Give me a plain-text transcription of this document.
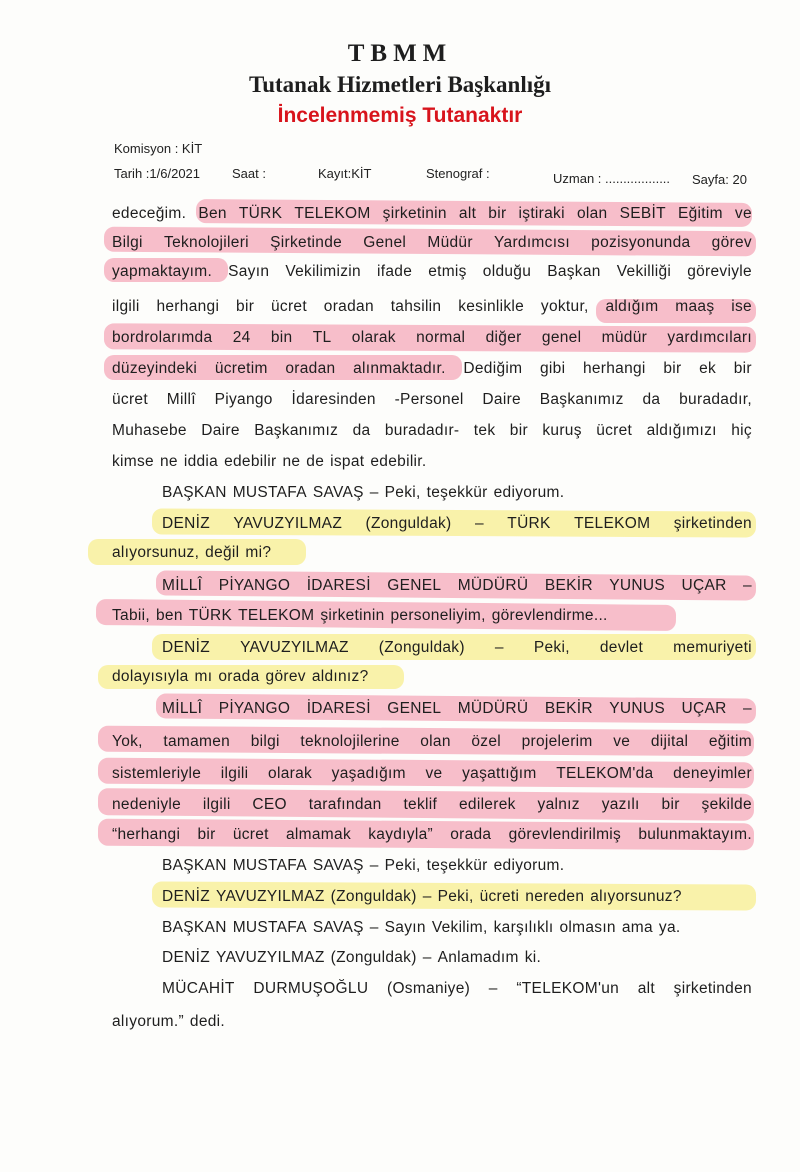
TBMM
Tutanak Hizmetleri Başkanlığı
İncelenmemiş Tutanaktır
Komisyon : KİT
Tarih :1/6/2021 Saat :	Kayıt:KİT	Stenograf :	Uzman : .................. Sayfa: 20
edeceğim. Ben TÜRK TELEKOM şirketinin alt bir iştiraki olan SEBİT Eğitim ve
Bilgi Teknolojileri Şirketinde Genel Müdür Yardımcısı pozisyonunda görev
yapmaktayım. Sayın Vekilimizin ifade etmiş olduğu Başkan Vekilliği göreviyle
ilgili herhangi bir ücret oradan tahsilin kesinlikle yoktur, aldığım maaş ise
bordrolarımda 24 bin TL olarak normal diğer genel müdür yardımcıları
düzeyindeki ücretim oradan alınmaktadır. Dediğim gibi herhangi bir ek bir
ücret Millî Piyango İdaresinden -Personel Daire Başkanımız da buradadır,
Muhasebe Daire Başkanımız da buradadır- tek bir kuruş ücret aldığımızı hiç
kimse ne iddia edebilir ne de ispat edebilir.
BAŞKAN MUSTAFA SAVAŞ – Peki, teşekkür ediyorum.
DENİZ YAVUZYILMAZ (Zonguldak) – TÜRK TELEKOM şirketinden
alıyorsunuz, değil mi?
MİLLÎ PİYANGO İDARESİ GENEL MÜDÜRÜ BEKİR YUNUS UÇAR –
Tabii, ben TÜRK TELEKOM şirketinin personeliyim, görevlendirme...
DENİZ YAVUZYILMAZ (Zonguldak) – Peki, devlet memuriyeti
dolayısıyla mı orada görev aldınız?
MİLLÎ PİYANGO İDARESİ GENEL MÜDÜRÜ BEKİR YUNUS UÇAR –
Yok, tamamen bilgi teknolojilerine olan özel projelerim ve dijital eğitim
sistemleriyle ilgili olarak yaşadığım ve yaşattığım TELEKOM'da deneyimler
nedeniyle ilgili CEO tarafından teklif edilerek yalnız yazılı bir şekilde
“herhangi bir ücret almamak kaydıyla” orada görevlendirilmiş bulunmaktayım.
BAŞKAN MUSTAFA SAVAŞ – Peki, teşekkür ediyorum.
DENİZ YAVUZYILMAZ (Zonguldak) – Peki, ücreti nereden alıyorsunuz?
BAŞKAN MUSTAFA SAVAŞ – Sayın Vekilim, karşılıklı olmasın ama ya.
DENİZ YAVUZYILMAZ (Zonguldak) – Anlamadım ki.
MÜCAHİT DURMUŞOĞLU (Osmaniye) – “TELEKOM'un alt şirketinden
alıyorum.” dedi.
